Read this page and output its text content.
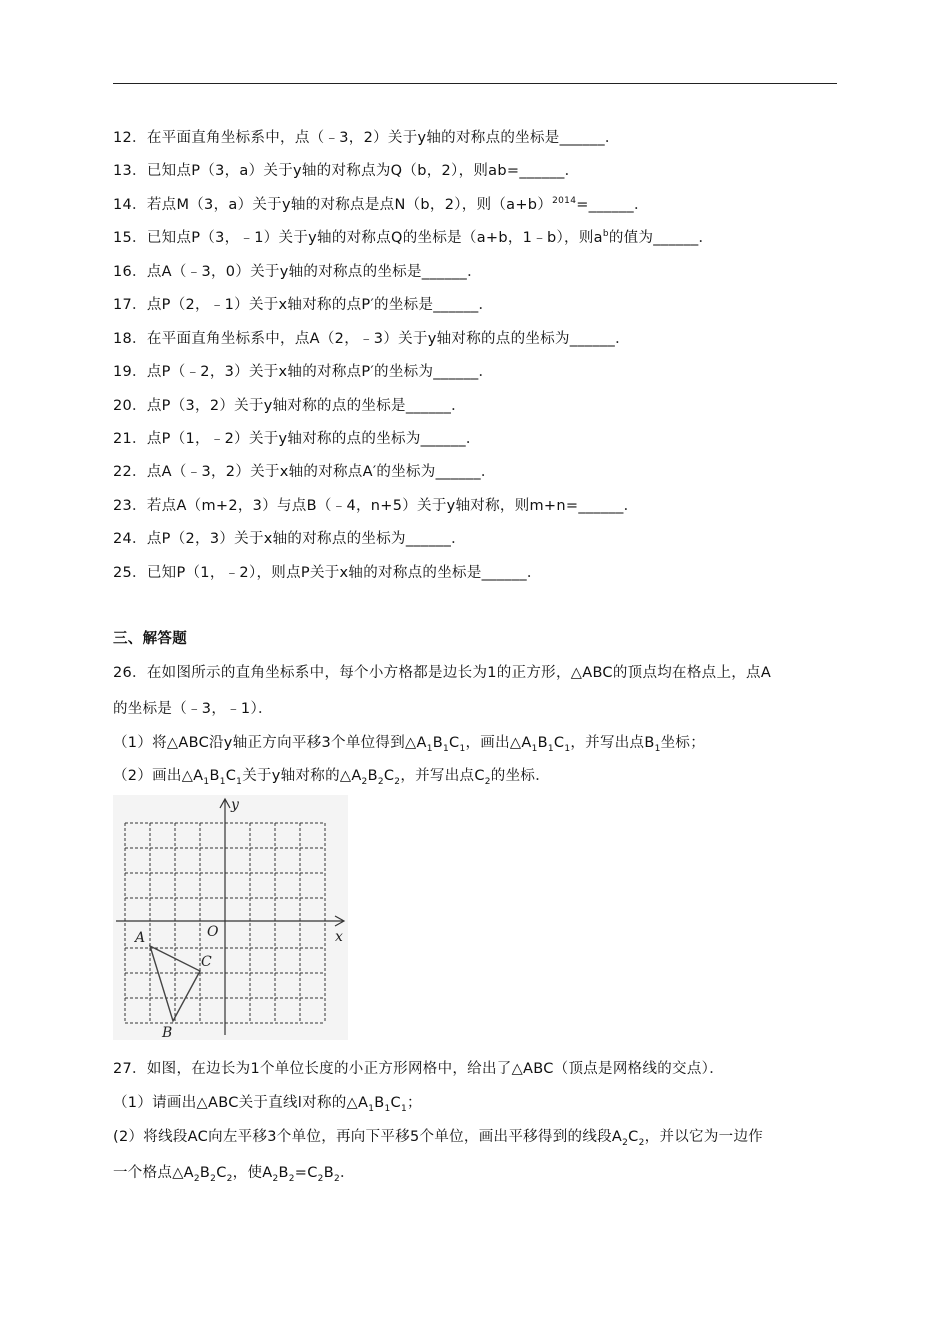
12．在平面直角坐标系中，点（﹣3，2）关于y轴的对称点的坐标是______．
13．已知点P（3，a）关于y轴的对称点为Q（b，2），则ab=______．
14．若点M（3，a）关于y轴的对称点是点N（b，2），则$(a+b)^{2014}=\_\_\_\_\_\_$．
15．已知点P（3，﹣1）关于y轴的对称点Q的坐标是（a+b，1﹣b），则$a^b$的值为______．
16．点A（﹣3，0）关于y轴的对称点的坐标是______．
17．点P（2，﹣1）关于x轴对称的点P′的坐标是______．
18．在平面直角坐标系中，点A（2，﹣3）关于y轴对称的点的坐标为______．
19．点P（﹣2，3）关于x轴的对称点P′的坐标为______．
20．点P（3，2）关于y轴对称的点的坐标是______．
21．点P（1，﹣2）关于y轴对称的点的坐标为______．
22．点A（﹣3，2）关于x轴的对称点A′的坐标为______．
23．若点A（m+2，3）与点B（﹣4，n+5）关于y轴对称，则m+n=______．
24．点P（2，3）关于x轴的对称点的坐标为______．
25．已知P（1，﹣2），则点P关于x轴的对称点的坐标是______．
三、解答题
26．在如图所示的直角坐标系中，每个小方格都是边长为1的正方形，△ABC的顶点均在格点上，点A
的坐标是（﹣3，﹣1）．
（1）将△ABC沿y轴正方向平移3个单位得到$\triangle A_1B_1C_1$，画出$\triangle A_1B_1C_1$，并写出点$B_1$坐标；
（2）画出$\triangle A_1B_1C_1$关于y轴对称的$\triangle A_2B_2C_2$，并写出点$C_2$的坐标．
y
x
O
A
B
C
27．如图，在边长为1个单位长度的小正方形网格中，给出了△ABC（顶点是网格线的交点）．
（1）请画出△ABC关于直线l对称的$\triangle A_1B_1C_1$；
(2）将线段AC向左平移3个单位，再向下平移5个单位，画出平移得到的线段$A_2C_2$，并以它为一边作
一个格点$\triangle A_2B_2C_2$，使$A_2B_2=C_2B_2$．
